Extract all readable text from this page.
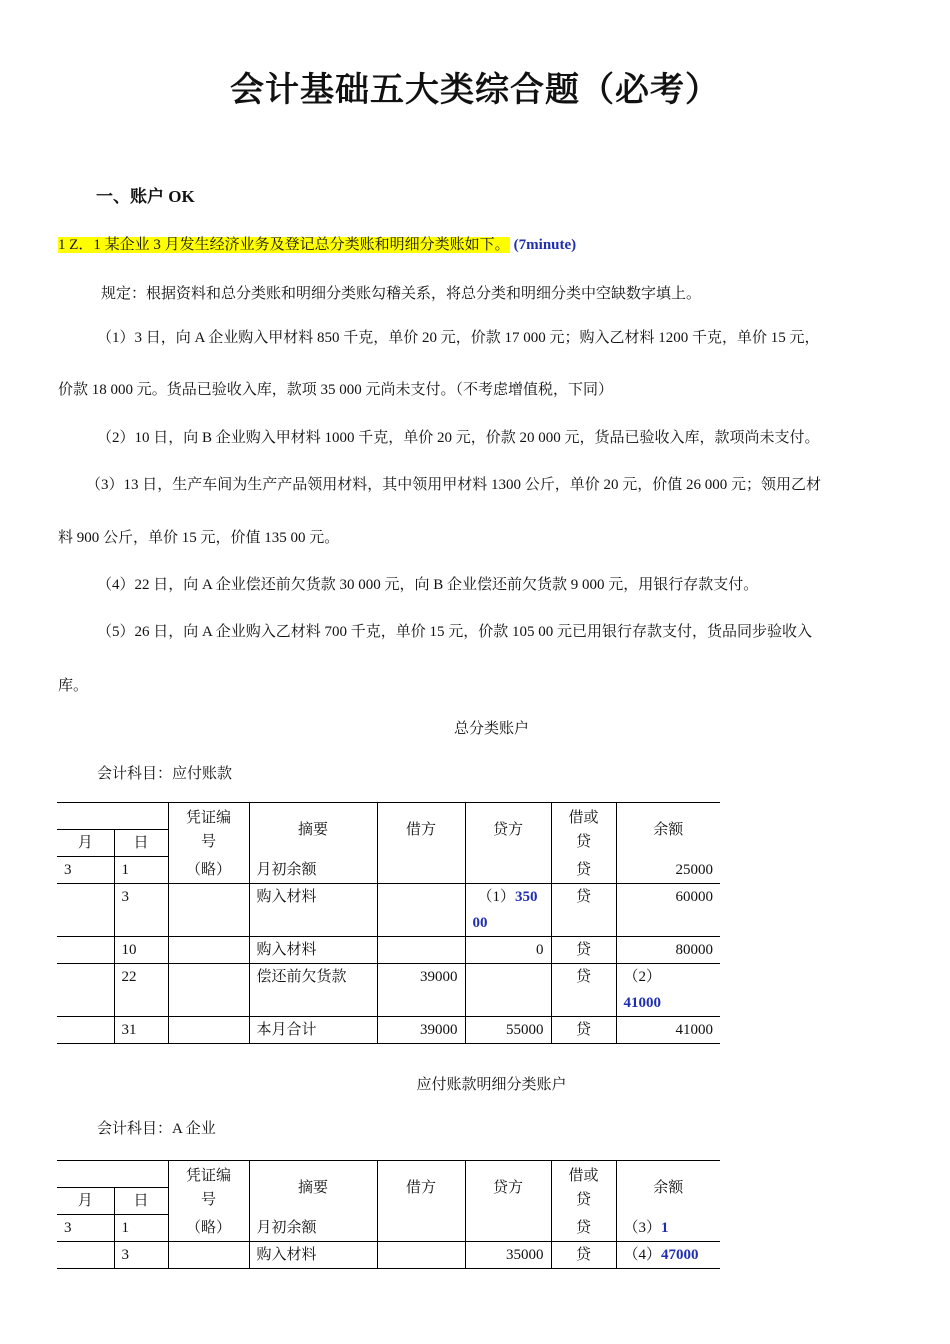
会计基础五大类综合题（必考）
一、账户 OK
1 Z．1 某企业 3 月发生经济业务及登记总分类账和明细分类账如下。 (7minute)
规定：根据资料和总分类账和明细分类账勾稽关系，将总分类和明细分类中空缺数字填上。
（1）3 日，向 A 企业购入甲材料 850 千克，单价 20 元，价款 17 000 元；购入乙材料 1200 千克，单价 15 元，
价款 18 000 元。货品已验收入库，款项 35 000 元尚未支付。（不考虑增值税，下同）
（2）10 日，向 B 企业购入甲材料 1000 千克，单价 20 元，价款 20 000 元，货品已验收入库，款项尚未支付。
（3）13 日，生产车间为生产产品领用材料，其中领用甲材料 1300 公斤，单价 20 元，价值 26 000 元；领用乙材
料 900 公斤，单价 15 元，价值 135 00 元。
（4）22 日，向 A 企业偿还前欠货款 30 000 元，向 B 企业偿还前欠货款 9 000 元，用银行存款支付。
（5）26 日，向 A 企业购入乙材料 700 千克，单价 15 元，价款 105 00 元已用银行存款支付，货品同步验收入
库。
总分类账户
会计科目：应付账款
		凭证编
号	摘要	借方	贷方	借或
贷	余额
月	日						
3	1	（略）	月初余额			贷	25000
	3		购入材料		（1）350
00	贷	60000
	10		购入材料		0	贷	80000
	22		偿还前欠货款	39000		贷	（2）
41000
	31		本月合计	39000	55000	贷	41000
应付账款明细分类账户
会计科目：A 企业
		凭证编
号	摘要	借方	贷方	借或
贷	余额
月	日						
3	1	（略）	月初余额			贷	（3）1
	3		购入材料		35000	贷	（4）47000
